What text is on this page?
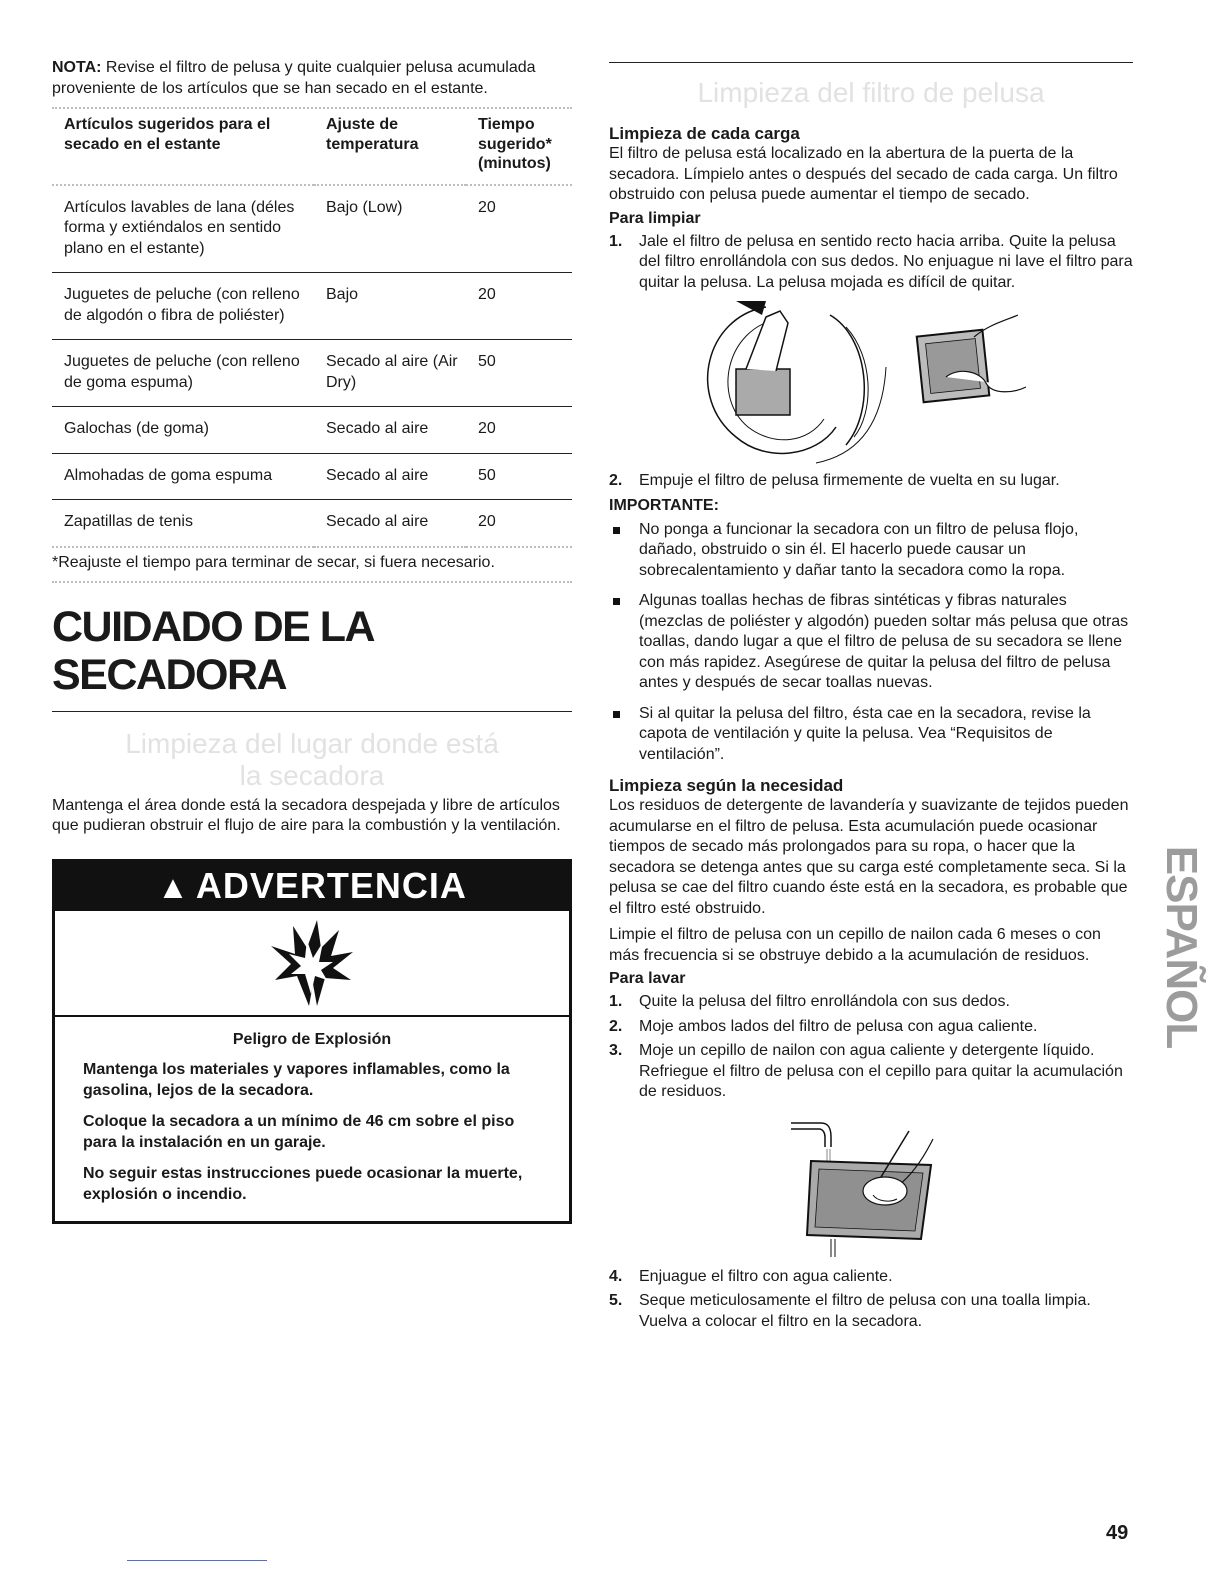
NOTA: Revise el filtro de pelusa y quite cualquier pelusa acumulada proveniente de los artículos que se han secado en el estante.

Artículos sugeridos para el secado en el estante	Ajuste de temperatura	Tiempo sugerido* (minutos)
Artículos lavables de lana (déles forma y extiéndalos en sentido plano en el estante)	Bajo (Low)	20
Juguetes de peluche (con relleno de algodón o fibra de poliéster)	Bajo	20
Juguetes de peluche (con relleno de goma espuma)	Secado al aire (Air Dry)	50
Galochas (de goma)	Secado al aire	20
Almohadas de goma espuma	Secado al aire	50
Zapatillas de tenis	Secado al aire	20

*Reajuste el tiempo para terminar de secar, si fuera necesario.

CUIDADO DE LA SECADORA
Limpieza del lugar donde está
la secadora

Mantenga el área donde está la secadora despejada y libre de artículos que pudieran obstruir el flujo de aire para la combustión y la ventilación.

▲ ADVERTENCIA

Peligro de Explosión

Mantenga los materiales y vapores inflamables, como la gasolina, lejos de la secadora.

Coloque la secadora a un mínimo de 46 cm sobre el piso para la instalación en un garaje.

No seguir estas instrucciones puede ocasionar la muerte, explosión o incendio.

Limpieza del filtro de pelusa

Limpieza de cada carga

El filtro de pelusa está localizado en la abertura de la puerta de la secadora. Límpielo antes o después del secado de cada carga. Un filtro obstruido con pelusa puede aumentar el tiempo de secado.

Para limpiar

1. Jale el filtro de pelusa en sentido recto hacia arriba. Quite la pelusa del filtro enrollándola con sus dedos. No enjuague ni lave el filtro para quitar la pelusa. La pelusa mojada es difícil de quitar.
2. Empuje el filtro de pelusa firmemente de vuelta en su lugar.

IMPORTANTE:

No ponga a funcionar la secadora con un filtro de pelusa flojo, dañado, obstruido o sin él. El hacerlo puede causar un sobrecalentamiento y dañar tanto la secadora como la ropa.
Algunas toallas hechas de fibras sintéticas y fibras naturales (mezclas de poliéster y algodón) pueden soltar más pelusa que otras toallas, dando lugar a que el filtro de pelusa de su secadora se llene con más rapidez. Asegúrese de quitar la pelusa del filtro de pelusa antes y después de secar toallas nuevas.
Si al quitar la pelusa del filtro, ésta cae en la secadora, revise la capota de ventilación y quite la pelusa. Vea “Requisitos de ventilación”.

Limpieza según la necesidad

Los residuos de detergente de lavandería y suavizante de tejidos pueden acumularse en el filtro de pelusa. Esta acumulación puede ocasionar tiempos de secado más prolongados para su ropa, o hacer que la secadora se detenga antes que su carga esté completamente seca. Si la pelusa se cae del filtro cuando éste está en la secadora, es probable que el filtro esté obstruido.

Limpie el filtro de pelusa con un cepillo de nailon cada 6 meses o con más frecuencia si se obstruye debido a la acumulación de residuos.

Para lavar

1. Quite la pelusa del filtro enrollándola con sus dedos.
2. Moje ambos lados del filtro de pelusa con agua caliente.
3. Moje un cepillo de nailon con agua caliente y detergente líquido. Refriegue el filtro de pelusa con el cepillo para quitar la acumulación de residuos.
4. Enjuague el filtro con agua caliente.
5. Seque meticulosamente el filtro de pelusa con una toalla limpia. Vuelva a colocar el filtro en la secadora.
ESPAÑOL
49
